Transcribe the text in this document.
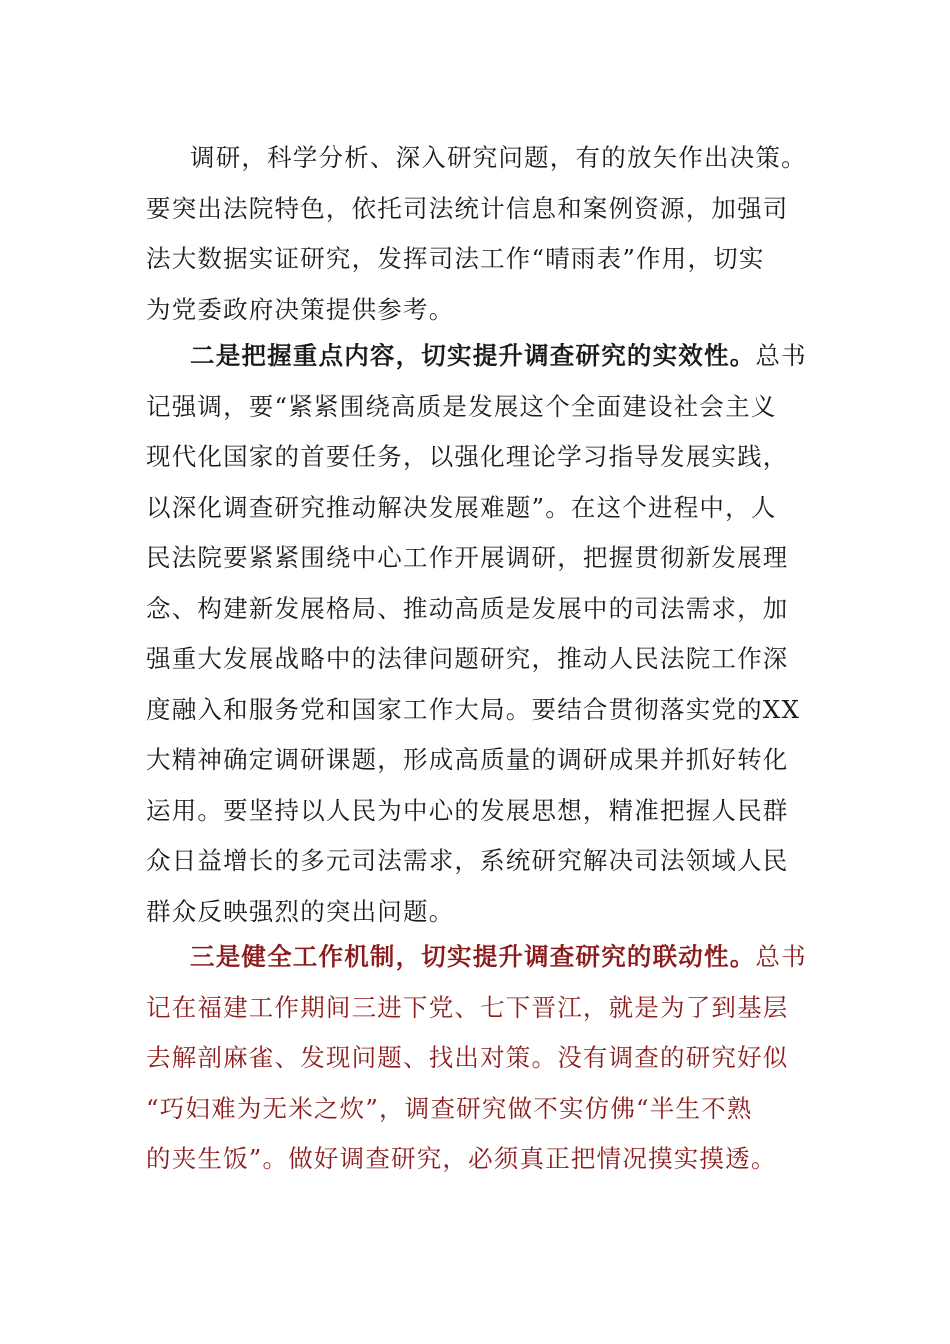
调研，科学分析、深入研究问题，有的放矢作出决策。
要突出法院特色，依托司法统计信息和案例资源，加强司
法大数据实证研究，发挥司法工作“晴雨表”作用，切实
为党委政府决策提供参考。
二是把握重点内容，切实提升调查研究的实效性。总书
记强调，要“紧紧围绕高质是发展这个全面建设社会主义
现代化国家的首要任务，以强化理论学习指导发展实践，
以深化调查研究推动解决发展难题”。在这个进程中，人
民法院要紧紧围绕中心工作开展调研，把握贯彻新发展理
念、构建新发展格局、推动高质是发展中的司法需求，加
强重大发展战略中的法律问题研究，推动人民法院工作深
度融入和服务党和国家工作大局。要结合贯彻落实党的XX
大精神确定调研课题，形成高质量的调研成果并抓好转化
运用。要坚持以人民为中心的发展思想，精准把握人民群
众日益增长的多元司法需求，系统研究解决司法领域人民
群众反映强烈的突出问题。
三是健全工作机制，切实提升调查研究的联动性。总书
记在福建工作期间三进下党、七下晋江，就是为了到基层
去解剖麻雀、发现问题、找出对策。没有调查的研究好似
“巧妇难为无米之炊”，调查研究做不实仿佛“半生不熟
的夹生饭”。做好调查研究，必须真正把情况摸实摸透。
